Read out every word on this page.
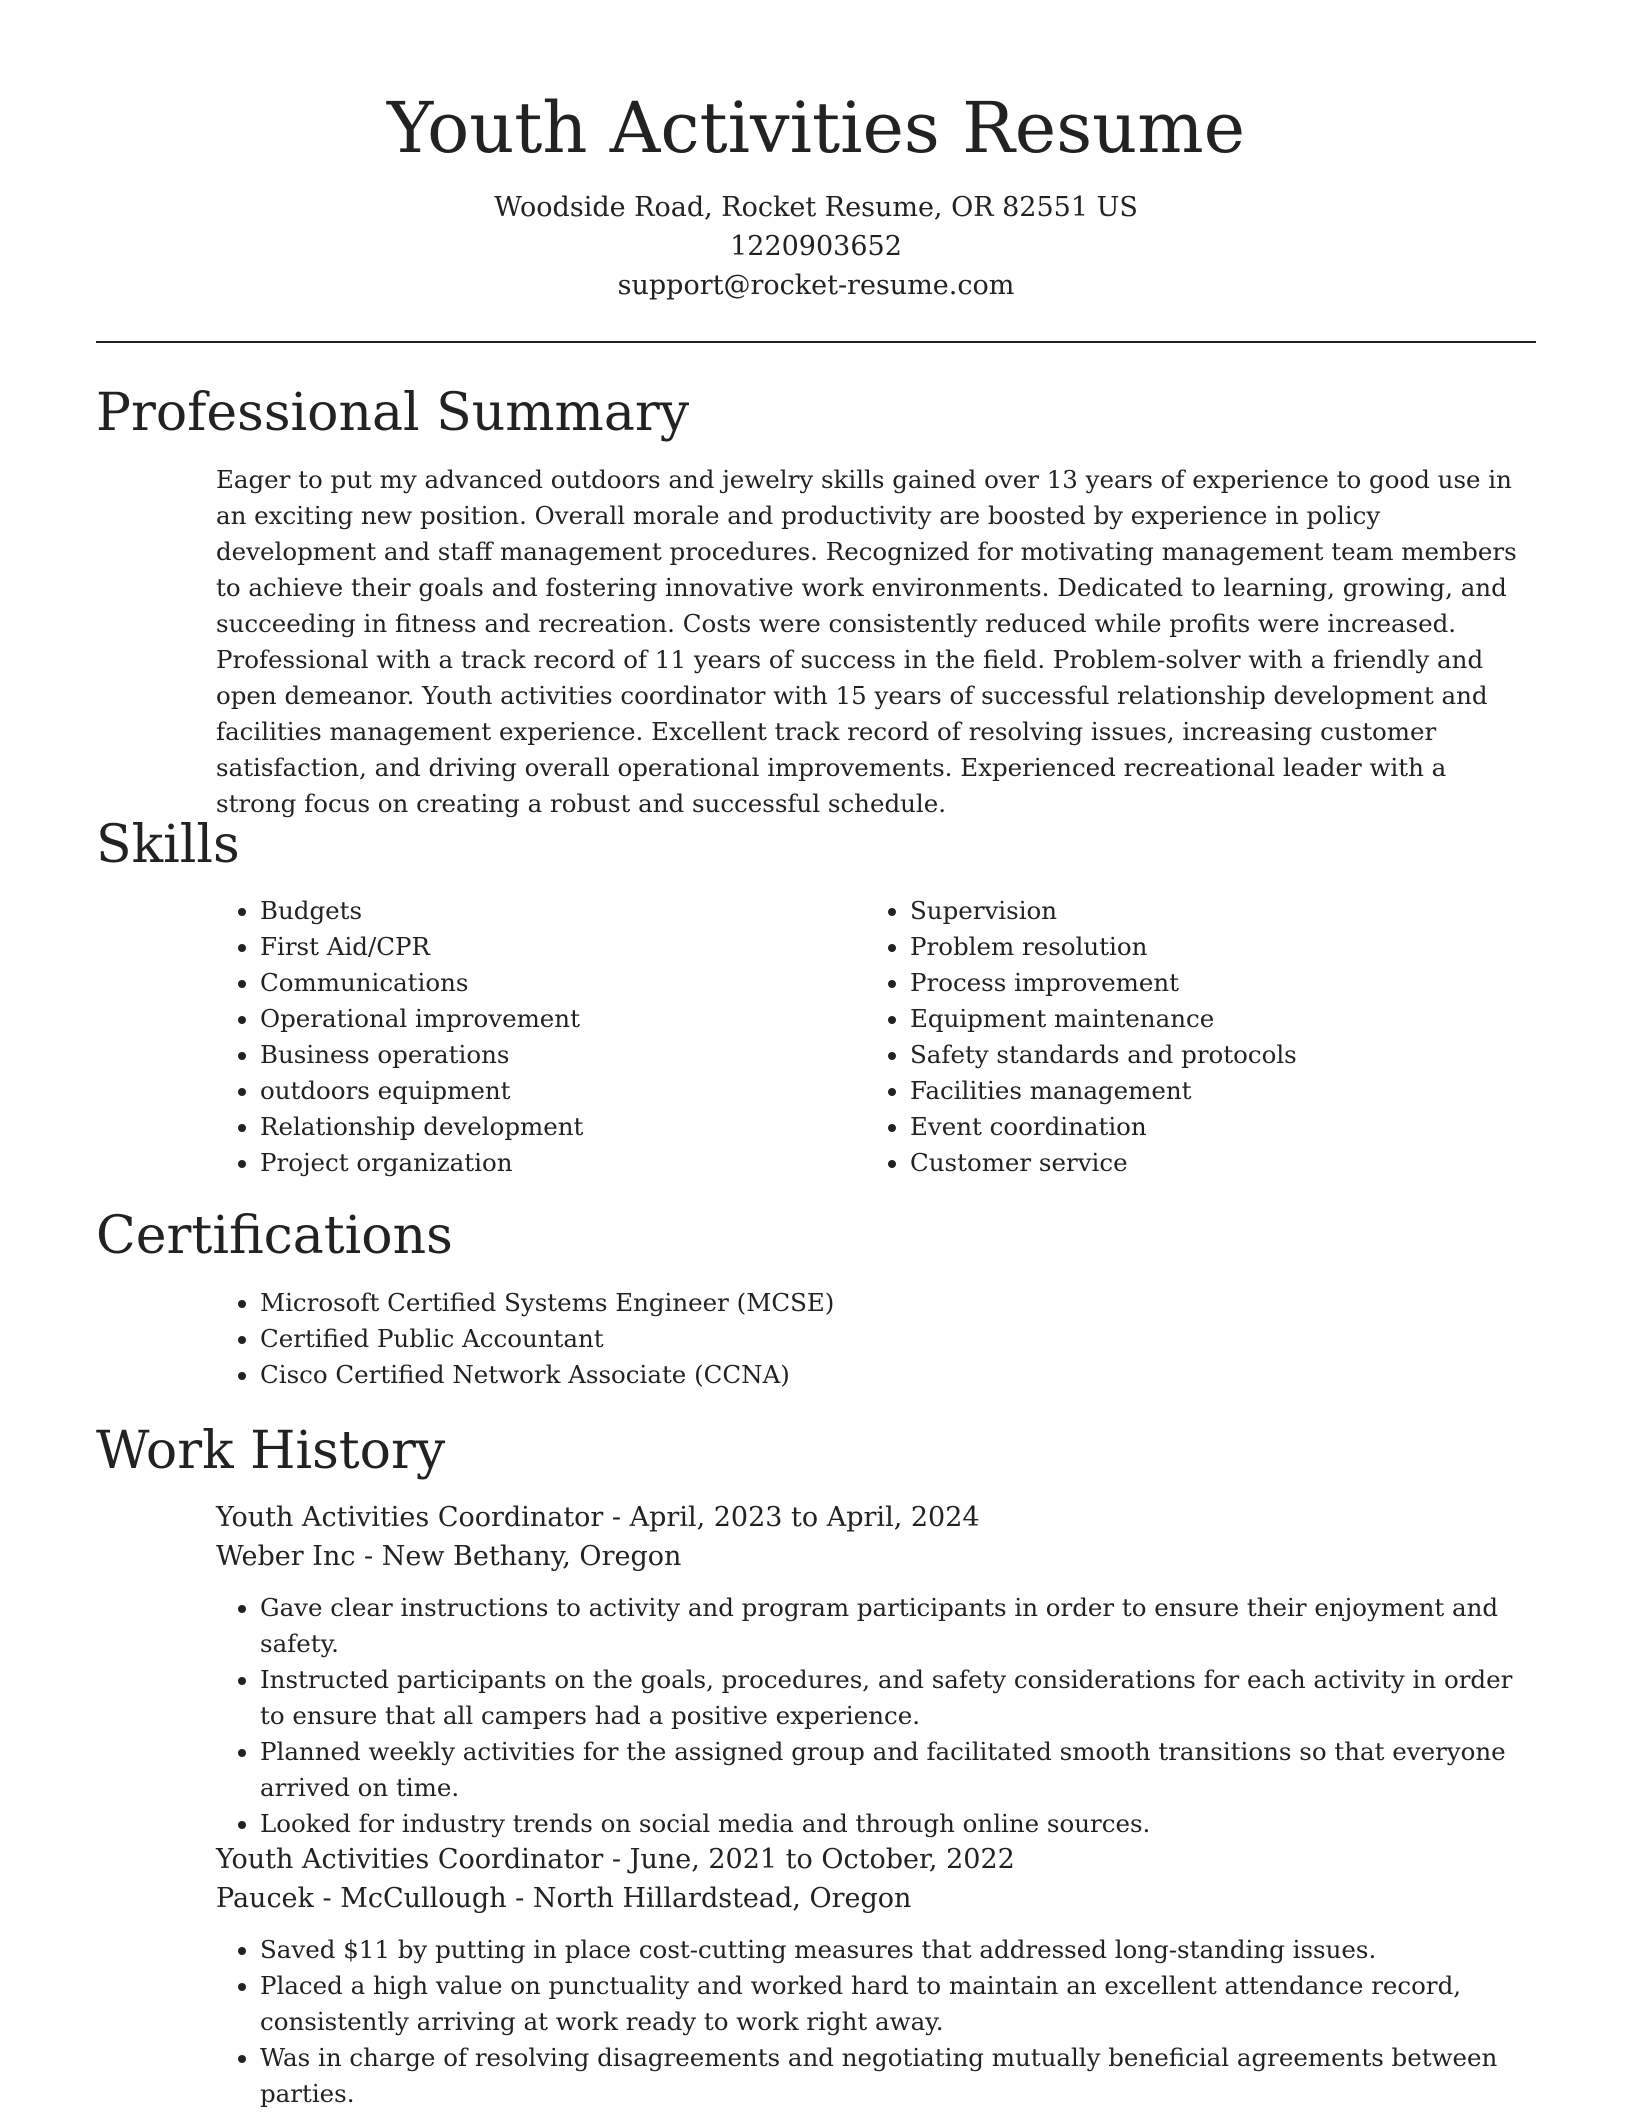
Youth Activities Resume
Woodside Road, Rocket Resume, OR 82551 US
1220903652
support@rocket-resume.com
Professional Summary
Eager to put my advanced outdoors and jewelry skills gained over 13 years of experience to good use in an exciting new position. Overall morale and productivity are boosted by experience in policy development and staff management procedures. Recognized for motivating management team members to achieve their goals and fostering innovative work environments. Dedicated to learning, growing, and succeeding in fitness and recreation. Costs were consistently reduced while profits were increased. Professional with a track record of 11 years of success in the field. Problem-solver with a friendly and open demeanor. Youth activities coordinator with 15 years of successful relationship development and facilities management experience. Excellent track record of resolving issues, increasing customer satisfaction, and driving overall operational improvements. Experienced recreational leader with a strong focus on creating a robust and successful schedule.
Skills
• Budgets
• First Aid/CPR
• Communications
• Operational improvement
• Business operations
• outdoors equipment
• Relationship development
• Project organization
• Supervision
• Problem resolution
• Process improvement
• Equipment maintenance
• Safety standards and protocols
• Facilities management
• Event coordination
• Customer service
Certifications
• Microsoft Certified Systems Engineer (MCSE)
• Certified Public Accountant
• Cisco Certified Network Associate (CCNA)
Work History
Youth Activities Coordinator - April, 2023 to April, 2024
Weber Inc - New Bethany, Oregon
• Gave clear instructions to activity and program participants in order to ensure their enjoyment and safety.
• Instructed participants on the goals, procedures, and safety considerations for each activity in order to ensure that all campers had a positive experience.
• Planned weekly activities for the assigned group and facilitated smooth transitions so that everyone arrived on time.
• Looked for industry trends on social media and through online sources.
Youth Activities Coordinator - June, 2021 to October, 2022
Paucek - McCullough - North Hillardstead, Oregon
• Saved $11 by putting in place cost-cutting measures that addressed long-standing issues.
• Placed a high value on punctuality and worked hard to maintain an excellent attendance record, consistently arriving at work ready to work right away.
• Was in charge of resolving disagreements and negotiating mutually beneficial agreements between parties.
